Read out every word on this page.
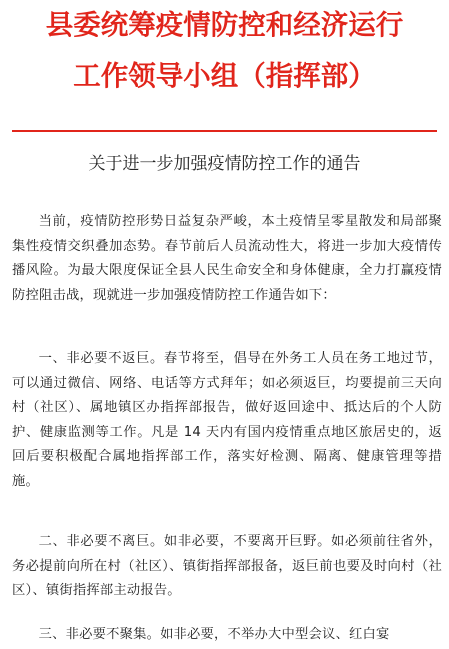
县委统筹疫情防控和经济运行
工作领导小组（指挥部）
关于进一步加强疫情防控工作的通告

当前，疫情防控形势日益复杂严峻，本土疫情呈零星散发和局部聚集性疫情交织叠加态势。春节前后人员流动性大，将进一步加大疫情传播风险。为最大限度保证全县人民生命安全和身体健康，全力打赢疫情防控阻击战，现就进一步加强疫情防控工作通告如下：

一、非必要不返巨。春节将至，倡导在外务工人员在务工地过节，可以通过微信、网络、电话等方式拜年；如必须返巨，均要提前三天向村（社区）、属地镇区办指挥部报告，做好返回途中、抵达后的个人防护、健康监测等工作。凡是 14 天内有国内疫情重点地区旅居史的，返回后要积极配合属地指挥部工作，落实好检测、隔离、健康管理等措施。

二、非必要不离巨。如非必要，不要离开巨野。如必须前往省外，务必提前向所在村（社区）、镇街指挥部报备，返巨前也要及时向村（社区）、镇街指挥部主动报告。

三、非必要不聚集。如非必要，不举办大中型会议、红白宴
